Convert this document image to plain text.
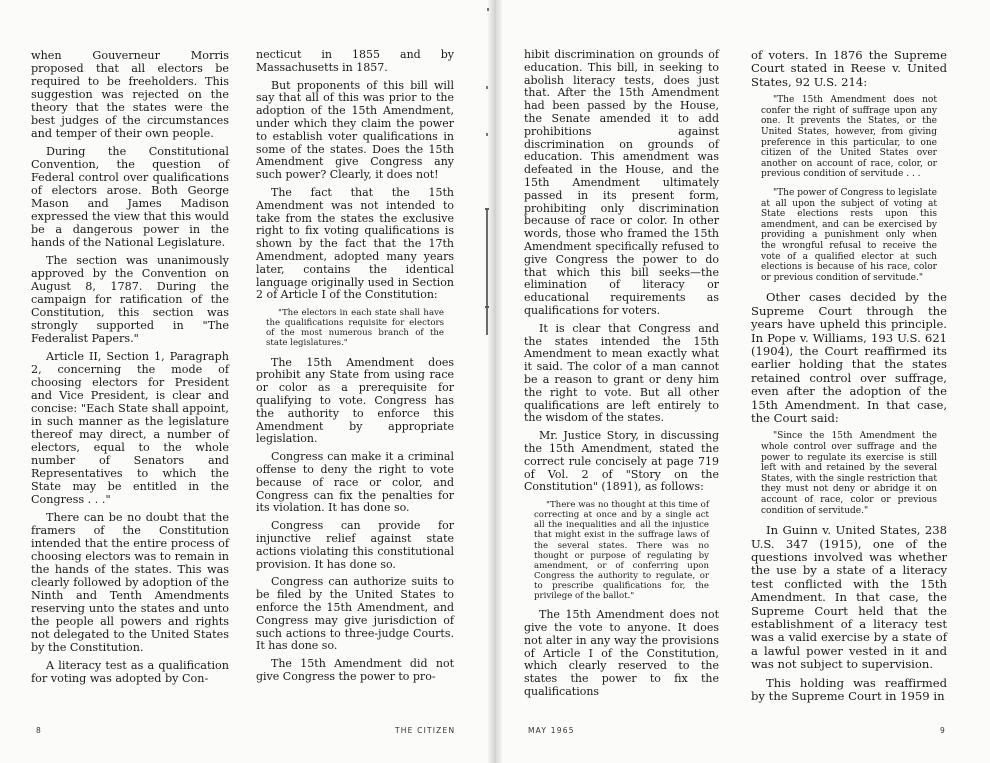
when Gouverneur Morris proposed that all electors be required to be freeholders. This suggestion was rejected on the theory that the states were the best judges of the circumstances and temper of their own people.

During the Constitutional Convention, the question of Federal control over qualifications of electors arose. Both George Mason and James Madison expressed the view that this would be a dangerous power in the hands of the National Legislature.

The section was unanimously approved by the Convention on August 8, 1787. During the campaign for ratification of the Constitution, this section was strongly supported in "The Federalist Papers."

Article II, Section 1, Paragraph 2, concerning the mode of choosing electors for President and Vice President, is clear and concise: "Each State shall appoint, in such manner as the legislature thereof may direct, a number of electors, equal to the whole number of Senators and Representatives to which the State may be entitled in the Congress . . ."

There can be no doubt that the framers of the Constitution intended that the entire process of choosing electors was to remain in the hands of the states. This was clearly followed by adoption of the Ninth and Tenth Amendments reserving unto the states and unto the people all powers and rights not delegated to the United States by the Constitution.

A literacy test as a qualification for voting was adopted by Con-

necticut in 1855 and by Massachusetts in 1857.

But proponents of this bill will say that all of this was prior to the adoption of the 15th Amendment, under which they claim the power to establish voter qualifications in some of the states. Does the 15th Amendment give Congress any such power? Clearly, it does not!

The fact that the 15th Amendment was not intended to take from the states the exclusive right to fix voting qualifications is shown by the fact that the 17th Amendment, adopted many years later, contains the identical language originally used in Section 2 of Article I of the Constitution:

"The electors in each state shall have the qualifications requisite for electors of the most numerous branch of the state legislatures."

The 15th Amendment does prohibit any State from using race or color as a prerequisite for qualifying to vote. Congress has the authority to enforce this Amendment by appropriate legislation.

Congress can make it a criminal offense to deny the right to vote because of race or color, and Congress can fix the penalties for its violation. It has done so.

Congress can provide for injunctive relief against state actions violating this constitutional provision. It has done so.

Congress can authorize suits to be filed by the United States to enforce the 15th Amendment, and Congress may give jurisdiction of such actions to three-judge Courts. It has done so.

The 15th Amendment did not give Congress the power to pro-

hibit discrimination on grounds of education. This bill, in seeking to abolish literacy tests, does just that. After the 15th Amendment had been passed by the House, the Senate amended it to add prohibitions against discrimination on grounds of education. This amendment was defeated in the House, and the 15th Amendment ultimately passed in its present form, prohibiting only discrimination because of race or color. In other words, those who framed the 15th Amendment specifically refused to give Congress the power to do that which this bill seeks—the elimination of literacy or educational requirements as qualifications for voters.

It is clear that Congress and the states intended the 15th Amendment to mean exactly what it said. The color of a man cannot be a reason to grant or deny him the right to vote. But all other qualifications are left entirely to the wisdom of the states.

Mr. Justice Story, in discussing the 15th Amendment, stated the correct rule concisely at page 719 of Vol. 2 of "Story on the Constitution" (1891), as follows:

"There was no thought at this time of correcting at once and by a single act all the inequalities and all the injustice that might exist in the suffrage laws of the several states. There was no thought or purpose of regulating by amendment, or of conferring upon Congress the authority to regulate, or to prescribe qualifications for, the privilege of the ballot."

The 15th Amendment does not give the vote to anyone. It does not alter in any way the provisions of Article I of the Constitution, which clearly reserved to the states the power to fix the qualifications

of voters. In 1876 the Supreme Court stated in Reese v. United States, 92 U.S. 214:

"The 15th Amendment does not confer the right of suffrage upon any one. It prevents the States, or the United States, however, from giving preference in this particular, to one citizen of the United States over another on account of race, color, or previous condition of servitude . . .

"The power of Congress to legislate at all upon the subject of voting at State elections rests upon this amendment, and can be exercised by providing a punishment only when the wrongful refusal to receive the vote of a qualified elector at such elections is because of his race, color or previous condition of servitude."

Other cases decided by the Supreme Court through the years have upheld this principle. In Pope v. Williams, 193 U.S. 621 (1904), the Court reaffirmed its earlier holding that the states retained control over suffrage, even after the adoption of the 15th Amendment. In that case, the Court said:

"Since the 15th Amendment the whole control over suffrage and the power to regulate its exercise is still left with and retained by the several States, with the single restriction that they must not deny or abridge it on account of race, color or previous condition of servitude."

In Guinn v. United States, 238 U.S. 347 (1915), one of the questions involved was whether the use by a state of a literacy test conflicted with the 15th Amendment. In that case, the Supreme Court held that the establishment of a literacy test was a valid exercise by a state of a lawful power vested in it and was not subject to supervision.

This holding was reaffirmed by the Supreme Court in 1959 in

8	THE CITIZEN	MAY 1965	9
